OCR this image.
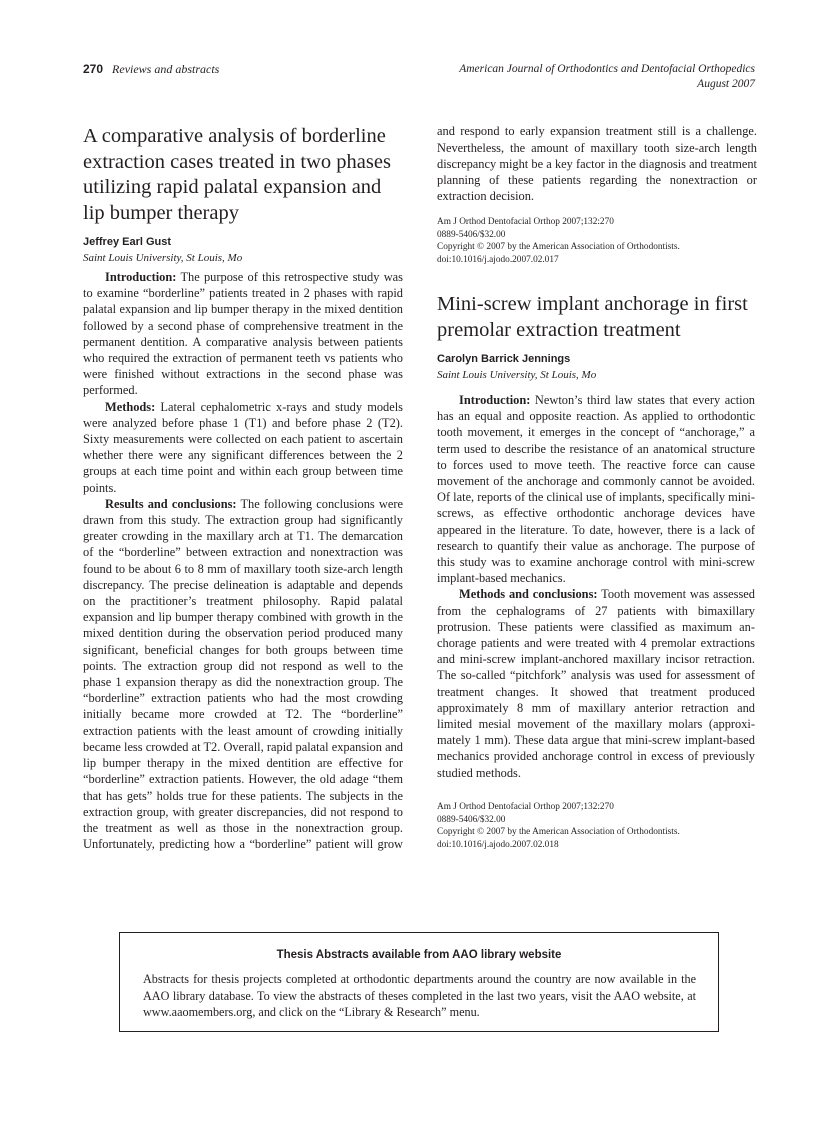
270 Reviews and abstracts	American Journal of Orthodontics and Dentofacial Orthopedics
August 2007
A comparative analysis of borderline extraction cases treated in two phases utilizing rapid palatal expansion and lip bumper therapy
Jeffrey Earl Gust
Saint Louis University, St Louis, Mo

Introduction: The purpose of this retrospective study was to examine “borderline” patients treated in 2 phases with rapid palatal expansion and lip bumper therapy in the mixed dentition followed by a second phase of comprehensive treatment in the permanent dentition. A comparative analysis between patients who required the extraction of permanent teeth vs patients who were finished without extractions in the second phase was performed.

Methods: Lateral cephalometric x-rays and study models were analyzed before phase 1 (T1) and before phase 2 (T2). Sixty measurements were collected on each patient to ascertain whether there were any significant differences between the 2 groups at each time point and within each group between time points.

Results and conclusions: The following conclusions were drawn from this study. The extraction group had significantly greater crowding in the maxillary arch at T1. The demarcation of the “borderline” between extraction and nonextraction was found to be about 6 to 8 mm of maxillary tooth size-arch length discrepancy. The precise delineation is adaptable and depends on the practitioner’s treatment philosophy. Rapid palatal expansion and lip bumper therapy combined with growth in the mixed dentition during the observation period produced many significant, beneficial changes for both groups between time points. The extraction group did not respond as well to the phase 1 expansion therapy as did the nonextraction group. The “borderline” extraction patients who had the most crowding initially became more crowded at T2. The “borderline” extraction patients with the least amount of crowding initially became less crowded at T2. Overall, rapid palatal expansion and lip bumper therapy in the mixed dentition are effective for “borderline” extraction patients. However, the old adage “them that has gets” holds true for these patients. The subjects in the extraction group, with greater discrepancies, did not respond to the treatment as well as those in the nonextraction group. Unfortunately, predicting how a “borderline” patient will grow

and respond to early expansion treatment still is a challenge. Nevertheless, the amount of maxillary tooth size-arch length discrepancy might be a key factor in the diagnosis and treatment planning of these patients regarding the nonextraction or extraction decision.

Am J Orthod Dentofacial Orthop 2007;132:270
0889-5406/$32.00
Copyright © 2007 by the American Association of Orthodontists.
doi:10.1016/j.ajodo.2007.02.017
Mini-screw implant anchorage in first premolar extraction treatment
Carolyn Barrick Jennings
Saint Louis University, St Louis, Mo

Introduction: Newton’s third law states that every action has an equal and opposite reaction. As applied to orthodontic tooth movement, it emerges in the concept of “anchorage,” a term used to describe the resistance of an anatomical structure to forces used to move teeth. The reactive force can cause movement of the anchorage and commonly cannot be avoided. Of late, reports of the clinical use of implants, specifically mini-screws, as effective orthodontic anchorage devices have appeared in the literature. To date, however, there is a lack of research to quantify their value as anchorage. The purpose of this study was to examine anchorage control with mini-screw implant-based mechanics.

Methods and conclusions: Tooth movement was assessed from the cephalograms of 27 patients with bimaxillary protrusion. These patients were classified as maximum anchorage patients and were treated with 4 premolar extractions and mini-screw implant-anchored maxillary incisor retraction. The so-called “pitchfork” analysis was used for assessment of treatment changes. It showed that treatment produced approximately 8 mm of maxillary anterior retraction and limited mesial movement of the maxillary molars (approximately 1 mm). These data argue that mini-screw implant-based mechanics provided anchorage control in excess of previously studied methods.

Am J Orthod Dentofacial Orthop 2007;132:270
0889-5406/$32.00
Copyright © 2007 by the American Association of Orthodontists.
doi:10.1016/j.ajodo.2007.02.018
Thesis Abstracts available from AAO library website
Abstracts for thesis projects completed at orthodontic departments around the country are now available in the AAO library database. To view the abstracts of theses completed in the last two years, visit the AAO website, at www.aaomembers.org, and click on the “Library & Research” menu.
